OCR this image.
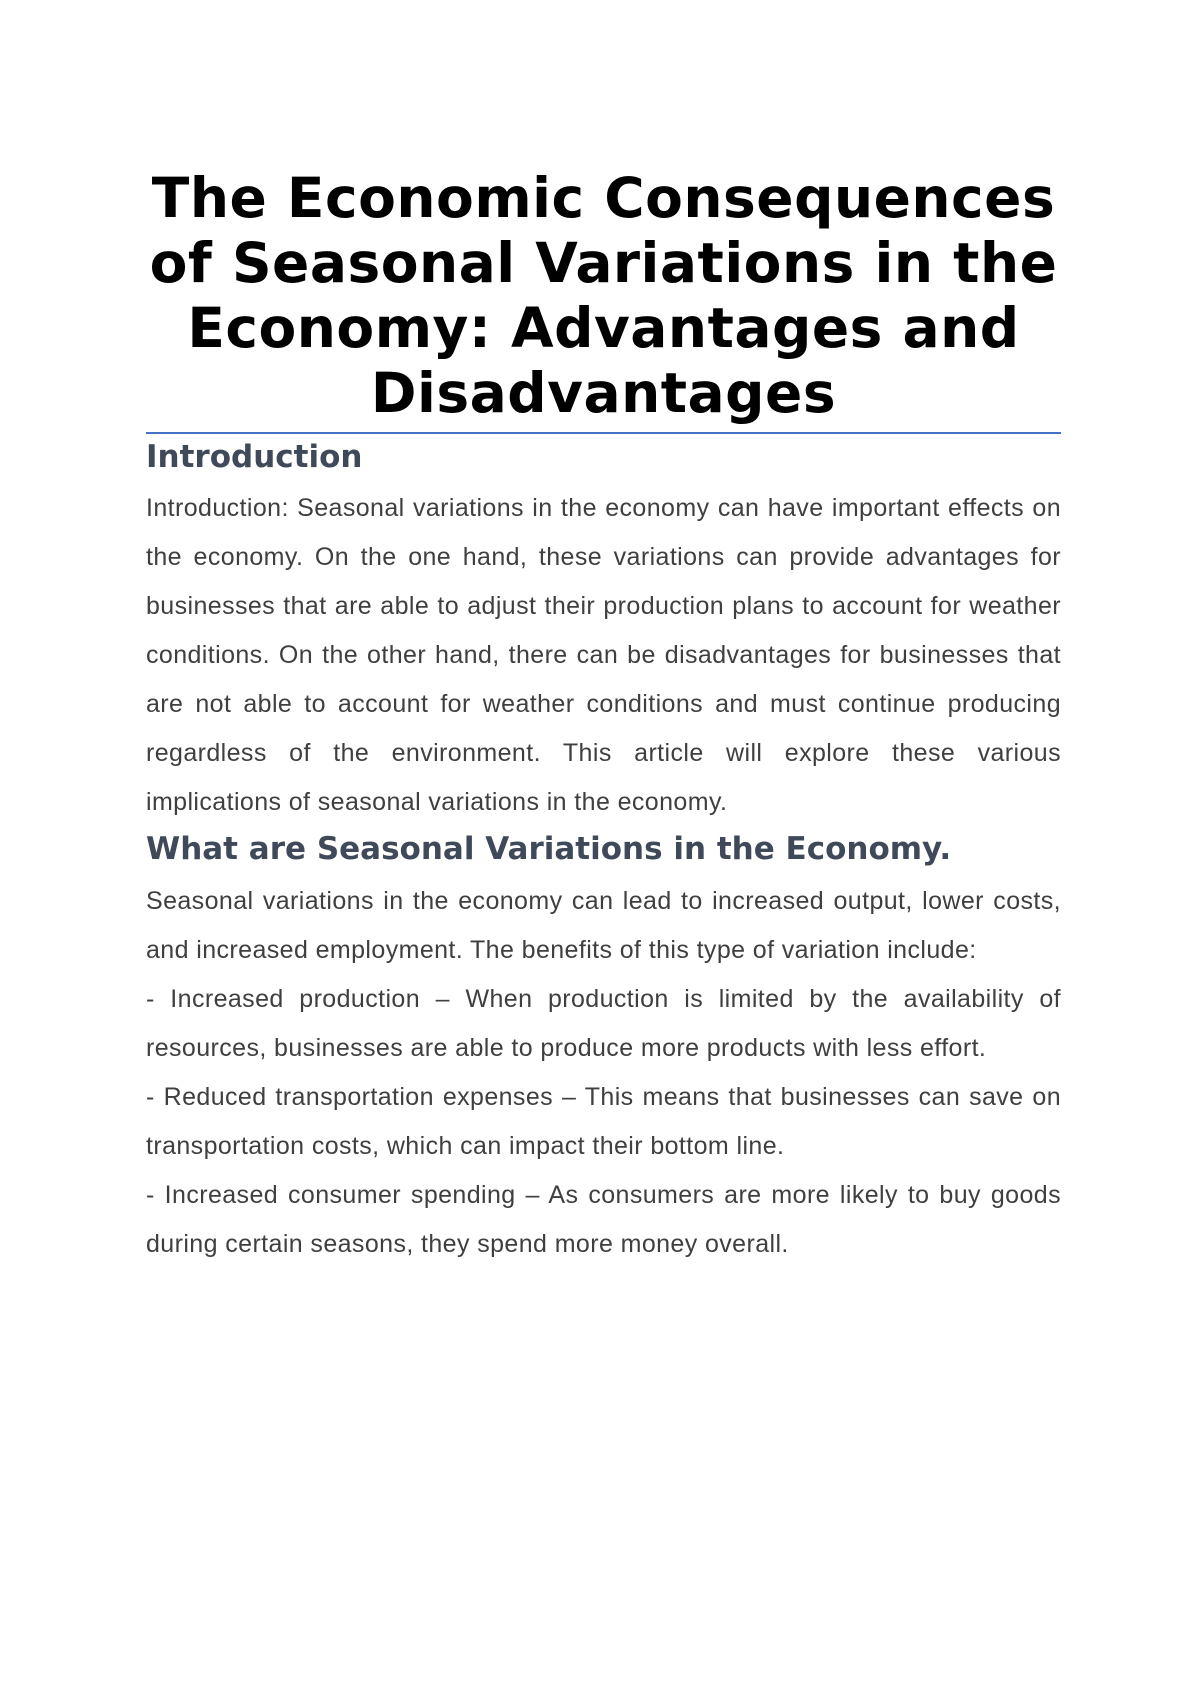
The Economic Consequences of Seasonal Variations in the Economy: Advantages and Disadvantages
Introduction

Introduction: Seasonal variations in the economy can have important effects on the economy. On the one hand, these variations can provide advantages for businesses that are able to adjust their production plans to account for weather conditions. On the other hand, there can be disadvantages for businesses that are not able to account for weather conditions and must continue producing regardless of the environment. This article will explore these various implications of seasonal variations in the economy.

What are Seasonal Variations in the Economy.

Seasonal variations in the economy can lead to increased output, lower costs, and increased employment. The benefits of this type of variation include:

- Increased production – When production is limited by the availability of resources, businesses are able to produce more products with less effort.

- Reduced transportation expenses – This means that businesses can save on transportation costs, which can impact their bottom line.

- Increased consumer spending – As consumers are more likely to buy goods during certain seasons, they spend more money overall.
